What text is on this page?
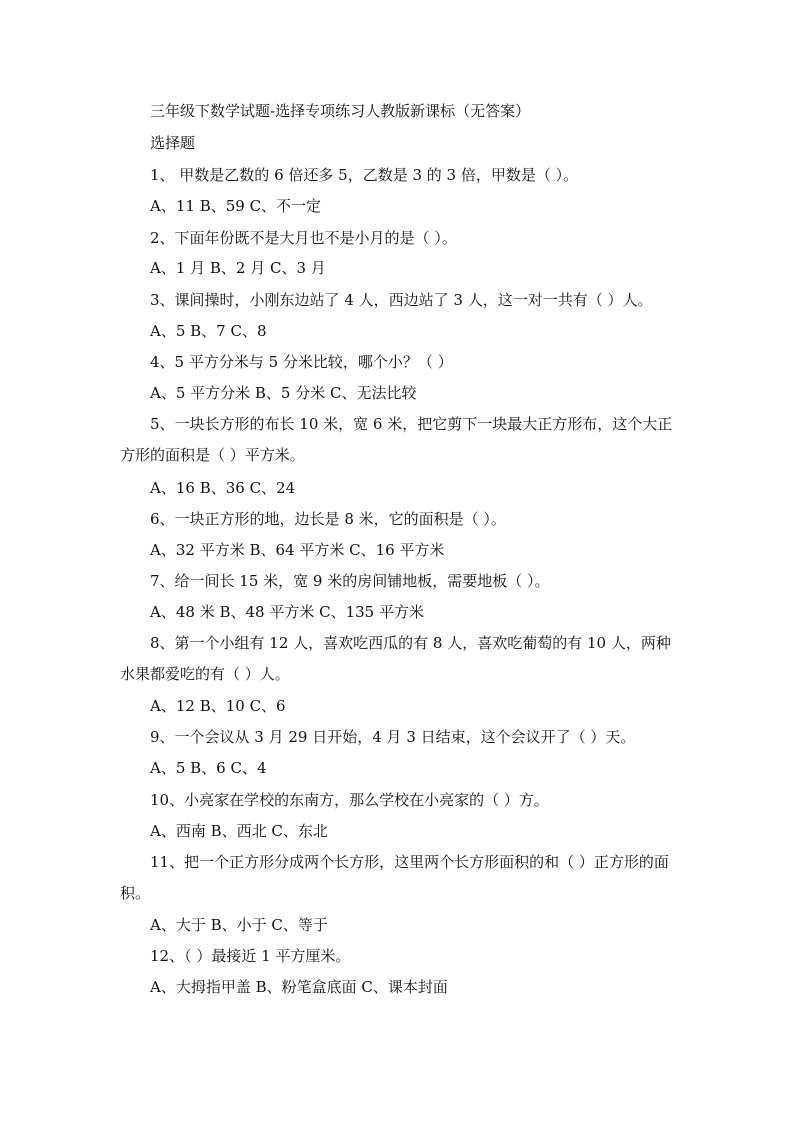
三年级下数学试题-选择专项练习人教版新课标（无答案）
选择题
1、 甲数是乙数的 6 倍还多 5，乙数是 3 的 3 倍，甲数是（ ）。
A、11 B、59 C、不一定
2、下面年份既不是大月也不是小月的是（ ）。
A、1 月 B、2 月 C、3 月
3、课间操时，小刚东边站了 4 人，西边站了 3 人，这一对一共有（ ）人。
A、5 B、7 C、8
4、5 平方分米与 5 分米比较，哪个小？（ ）
A、5 平方分米 B、5 分米 C、无法比较
5、一块长方形的布长 10 米，宽 6 米，把它剪下一块最大正方形布，这个大正方形的面积是（ ）平方米。
A、16 B、36 C、24
6、一块正方形的地，边长是 8 米，它的面积是（ ）。
A、32 平方米 B、64 平方米 C、16 平方米
7、给一间长 15 米，宽 9 米的房间铺地板，需要地板（ ）。
A、48 米 B、48 平方米 C、135 平方米
8、第一个小组有 12 人，喜欢吃西瓜的有 8 人，喜欢吃葡萄的有 10 人，两种水果都爱吃的有（ ）人。
A、12 B、10 C、6
9、一个会议从 3 月 29 日开始，4 月 3 日结束，这个会议开了（ ）天。
A、5 B、6 C、4
10、小亮家在学校的东南方，那么学校在小亮家的（ ）方。
A、西南 B、西北 C、东北
11、把一个正方形分成两个长方形，这里两个长方形面积的和（ ）正方形的面积。
A、大于 B、小于 C、等于
12、（ ）最接近 1 平方厘米。
A、大拇指甲盖 B、粉笔盒底面 C、课本封面
